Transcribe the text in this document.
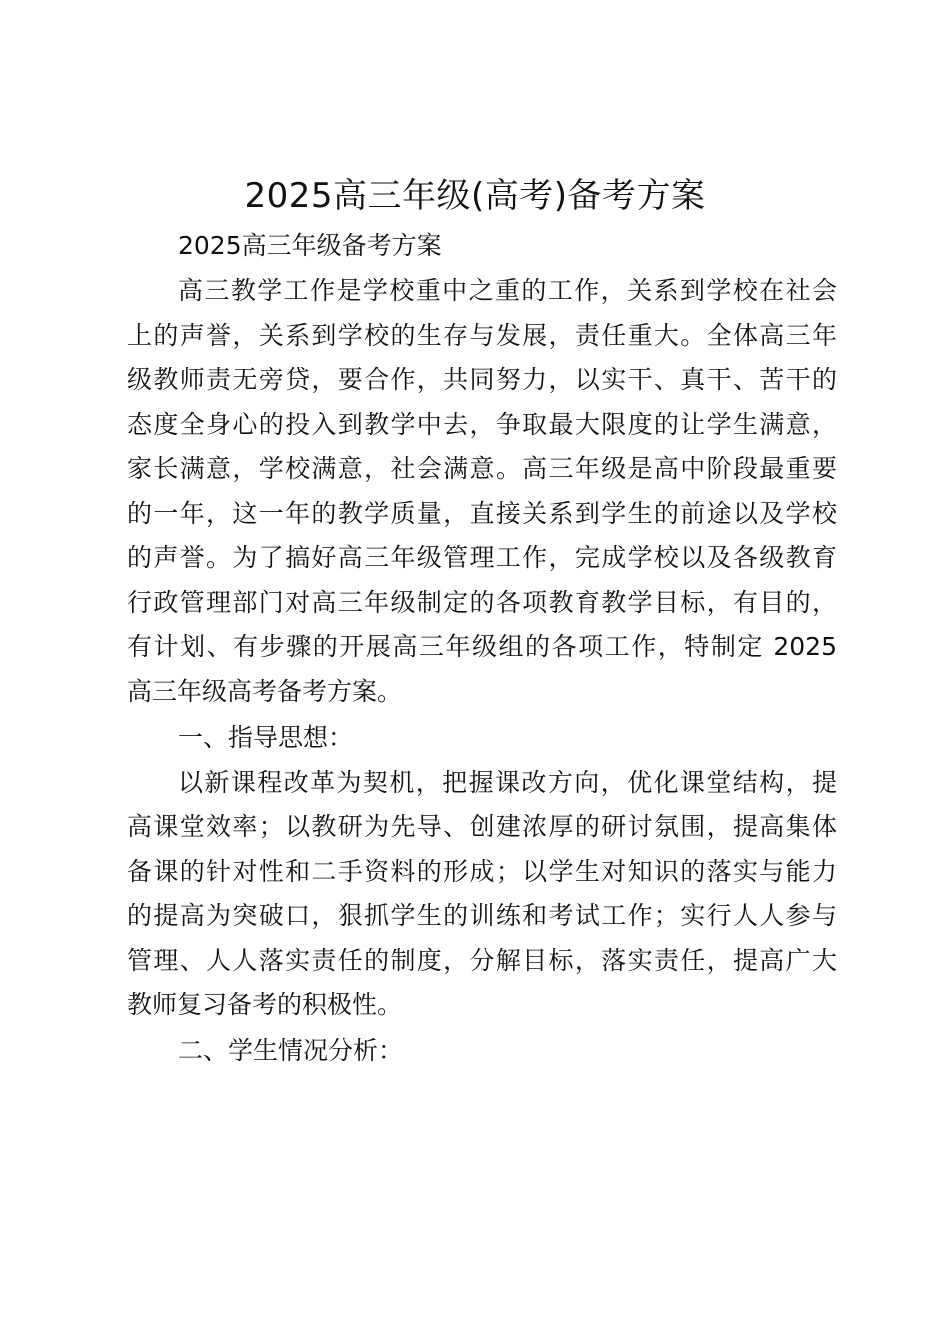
2025高三年级(高考)备考方案

2025高三年级备考方案

高三教学工作是学校重中之重的工作，关系到学校在社会

上的声誉，关系到学校的生存与发展，责任重大。全体高三年

级教师责无旁贷，要合作，共同努力，以实干、真干、苦干的

态度全身心的投入到教学中去，争取最大限度的让学生满意，

家长满意，学校满意，社会满意。高三年级是高中阶段最重要

的一年，这一年的教学质量，直接关系到学生的前途以及学校

的声誉。为了搞好高三年级管理工作，完成学校以及各级教育

行政管理部门对高三年级制定的各项教育教学目标，有目的，

有计划、有步骤的开展高三年级组的各项工作，特制定 2025

高三年级高考备考方案。

一、指导思想：

以新课程改革为契机，把握课改方向，优化课堂结构，提

高课堂效率；以教研为先导、创建浓厚的研讨氛围，提高集体

备课的针对性和二手资料的形成；以学生对知识的落实与能力

的提高为突破口，狠抓学生的训练和考试工作；实行人人参与

管理、人人落实责任的制度，分解目标，落实责任，提高广大

教师复习备考的积极性。

二、学生情况分析：
